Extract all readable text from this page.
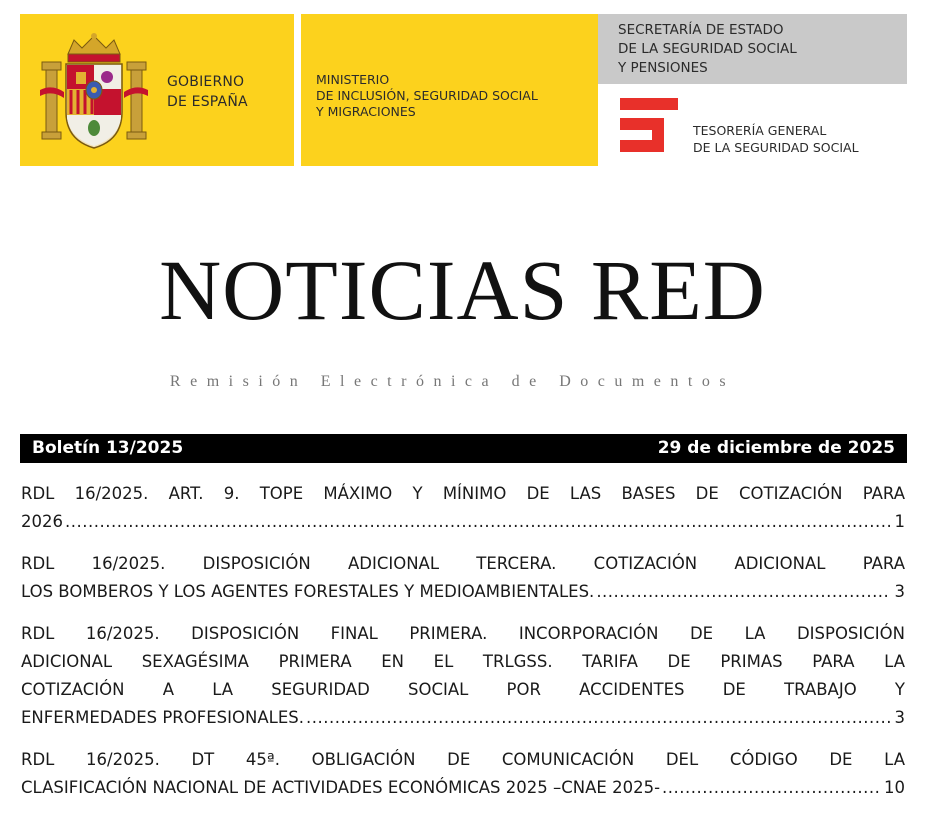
GOBIERNO
DE ESPAÑA
MINISTERIO
DE INCLUSIÓN, SEGURIDAD SOCIAL
Y MIGRACIONES
SECRETARÍA DE ESTADO
DE LA SEGURIDAD SOCIAL
Y PENSIONES
TESORERÍA GENERAL
DE LA SEGURIDAD SOCIAL
NOTICIAS RED
Remisión Electrónica de Documentos
Boletín 13/2025	29 de diciembre de 2025
RDL 16/2025. ART. 9. TOPE MÁXIMO Y MÍNIMO DE LAS BASES DE COTIZACIÓN PARA
2026 .....	1
RDL 16/2025. DISPOSICIÓN ADICIONAL TERCERA. COTIZACIÓN ADICIONAL PARA
LOS BOMBEROS Y LOS AGENTES FORESTALES Y MEDIOAMBIENTALES. .....	3
RDL 16/2025. DISPOSICIÓN FINAL PRIMERA. INCORPORACIÓN DE LA DISPOSICIÓN
ADICIONAL SEXAGÉSIMA PRIMERA EN EL TRLGSS. TARIFA DE PRIMAS PARA LA
COTIZACIÓN A LA SEGURIDAD SOCIAL POR ACCIDENTES DE TRABAJO Y
ENFERMEDADES PROFESIONALES. .....	3
RDL 16/2025. DT 45ª. OBLIGACIÓN DE COMUNICACIÓN DEL CÓDIGO DE LA
CLASIFICACIÓN NACIONAL DE ACTIVIDADES ECONÓMICAS 2025 –CNAE 2025- .....	10
